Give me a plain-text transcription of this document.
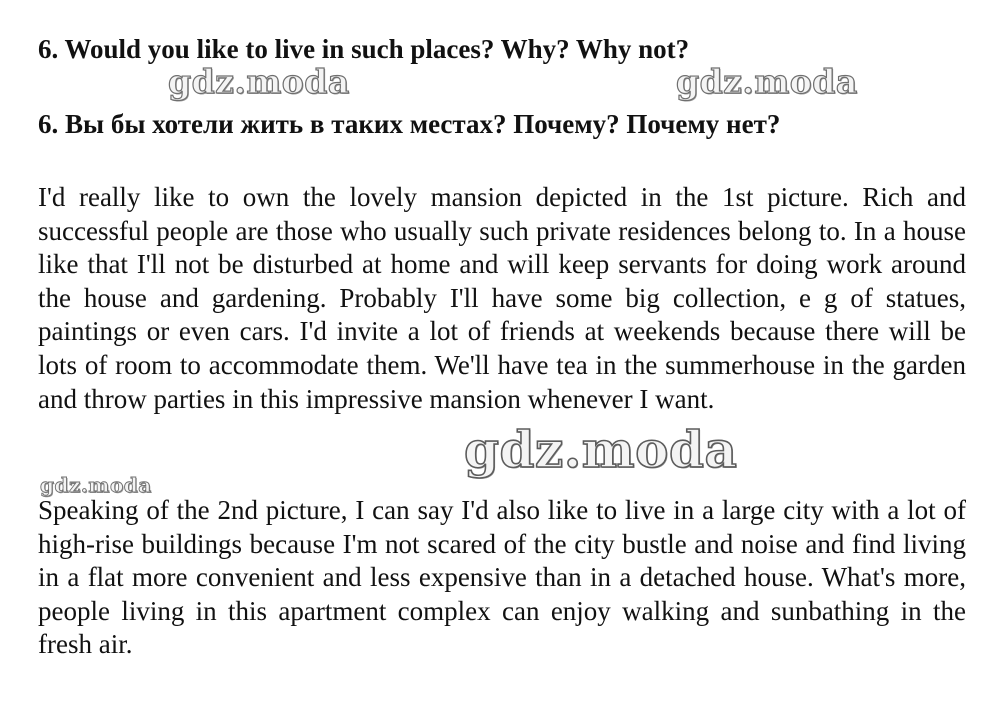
6. Would you like to live in such places? Why? Why not?
gdz.moda	gdz.moda
6. Вы бы хотели жить в таких местах? Почему? Почему нет?

I'd really like to own the lovely mansion depicted in the 1st picture. Rich and successful people are those who usually such private residences belong to. In a house like that I'll not be disturbed at home and will keep servants for doing work around the house and gardening. Probably I'll have some big collection, e g of statues, paintings or even cars. I'd invite a lot of friends at weekends because there will be lots of room to accommodate them. We'll have tea in the summerhouse in the garden and throw parties in this impressive mansion whenever I want.

gdz.moda
gdz.moda

Speaking of the 2nd picture, I can say I'd also like to live in a large city with a lot of high-rise buildings because I'm not scared of the city bustle and noise and find living in a flat more convenient and less expensive than in a detached house. What's more, people living in this apartment complex can enjoy walking and sunbathing in the fresh air.
